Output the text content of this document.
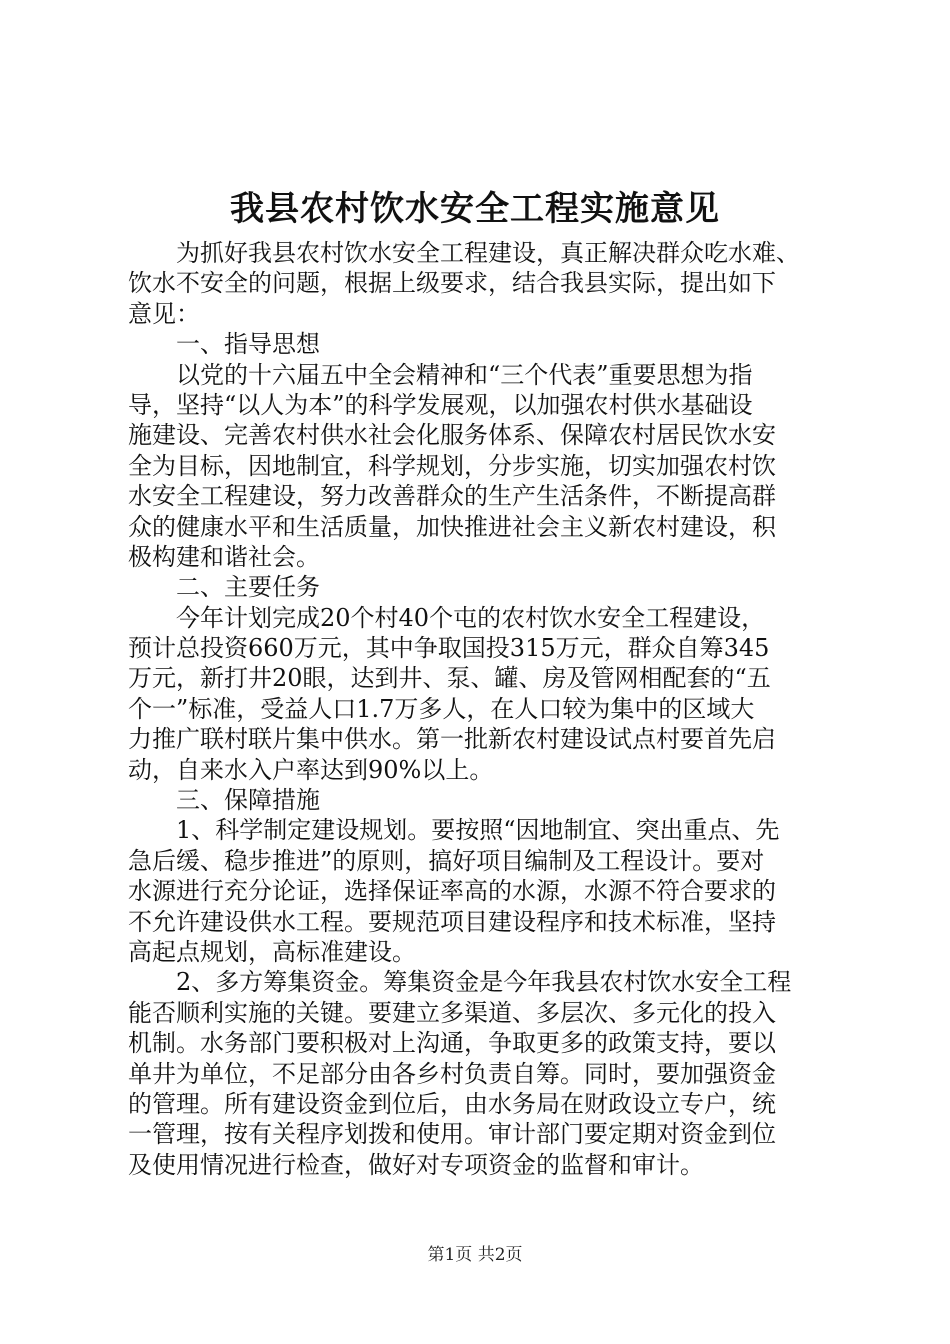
我县农村饮水安全工程实施意见
为抓好我县农村饮水安全工程建设，真正解决群众吃水难、
饮水不安全的问题，根据上级要求，结合我县实际，提出如下
意见：
一、指导思想
以党的十六届五中全会精神和“三个代表”重要思想为指
导，坚持“以人为本”的科学发展观，以加强农村供水基础设
施建设、完善农村供水社会化服务体系、保障农村居民饮水安
全为目标，因地制宜，科学规划，分步实施，切实加强农村饮
水安全工程建设，努力改善群众的生产生活条件，不断提高群
众的健康水平和生活质量，加快推进社会主义新农村建设，积
极构建和谐社会。
二、主要任务
今年计划完成20个村40个屯的农村饮水安全工程建设，
预计总投资660万元，其中争取国投315万元，群众自筹345
万元，新打井20眼，达到井、泵、罐、房及管网相配套的“五
个一”标准，受益人口1.7万多人，在人口较为集中的区域大
力推广联村联片集中供水。第一批新农村建设试点村要首先启
动，自来水入户率达到90%以上。
三、保障措施
1、科学制定建设规划。要按照“因地制宜、突出重点、先
急后缓、稳步推进”的原则，搞好项目编制及工程设计。要对
水源进行充分论证，选择保证率高的水源，水源不符合要求的
不允许建设供水工程。要规范项目建设程序和技术标准，坚持
高起点规划，高标准建设。
2、多方筹集资金。筹集资金是今年我县农村饮水安全工程
能否顺利实施的关键。要建立多渠道、多层次、多元化的投入
机制。水务部门要积极对上沟通，争取更多的政策支持，要以
单井为单位，不足部分由各乡村负责自筹。同时，要加强资金
的管理。所有建设资金到位后，由水务局在财政设立专户，统
一管理，按有关程序划拨和使用。审计部门要定期对资金到位
及使用情况进行检查，做好对专项资金的监督和审计。
第1页 共2页
